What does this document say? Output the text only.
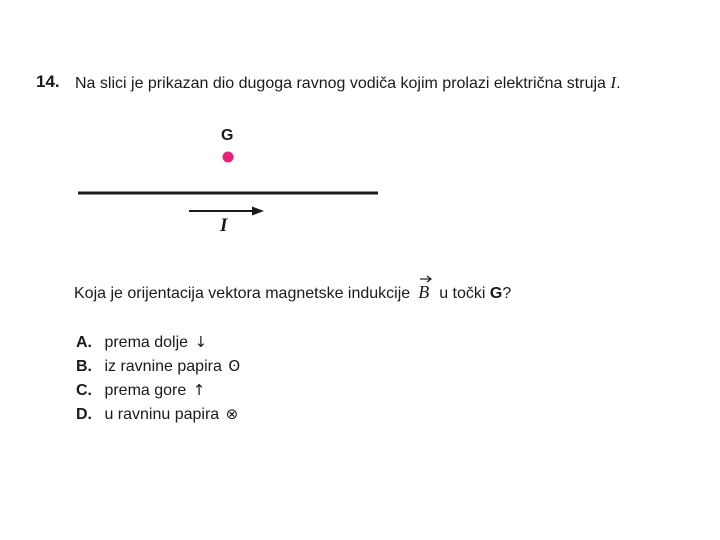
14. Na slici je prikazan dio dugoga ravnog vodiča kojim prolazi električna struja I.
G
I
Koja je orijentacija vektora magnetske indukcije B u točki G?
A. prema dolje ↓
B. iz ravnine papira ʘ
C. prema gore ↑
D. u ravninu papira ⊗
